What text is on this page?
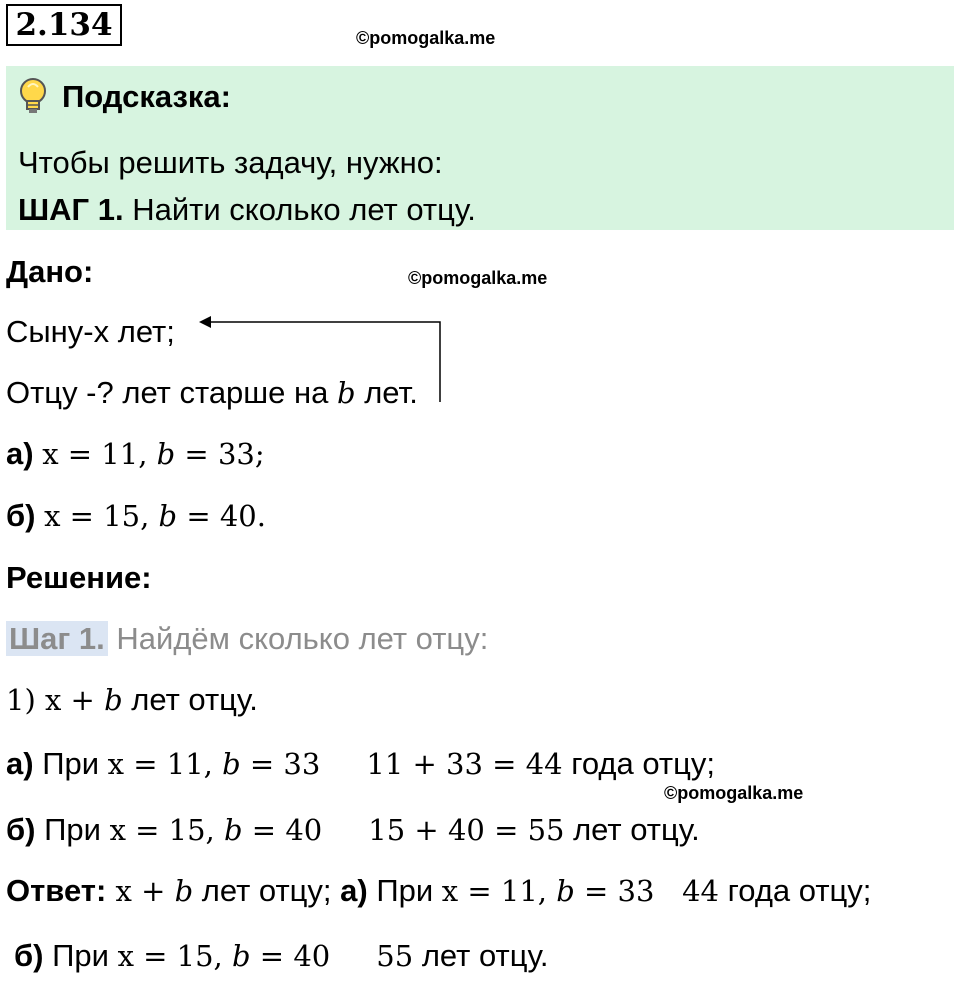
2.134	©pomogalka.me
©pomogalka.me
©pomogalka.me
Подсказка:
Чтобы решить задачу, нужно:
ШАГ 1. Найти сколько лет отцу.
Дано:
Сыну-x лет;
Отцу -? лет старше на b лет.
а) x = 11, b = 33;
б) x = 15, b = 40.
Решение:
Шаг 1. Найдём сколько лет отцу:
1) x + b лет отцу.
а) При x = 11, b = 33     11 + 33 = 44 года отцу;
б) При x = 15, b = 40     15 + 40 = 55 лет отцу.
Ответ: x + b лет отцу; а) При x = 11, b = 33   44 года отцу;
б) При x = 15, b = 40     55 лет отцу.
